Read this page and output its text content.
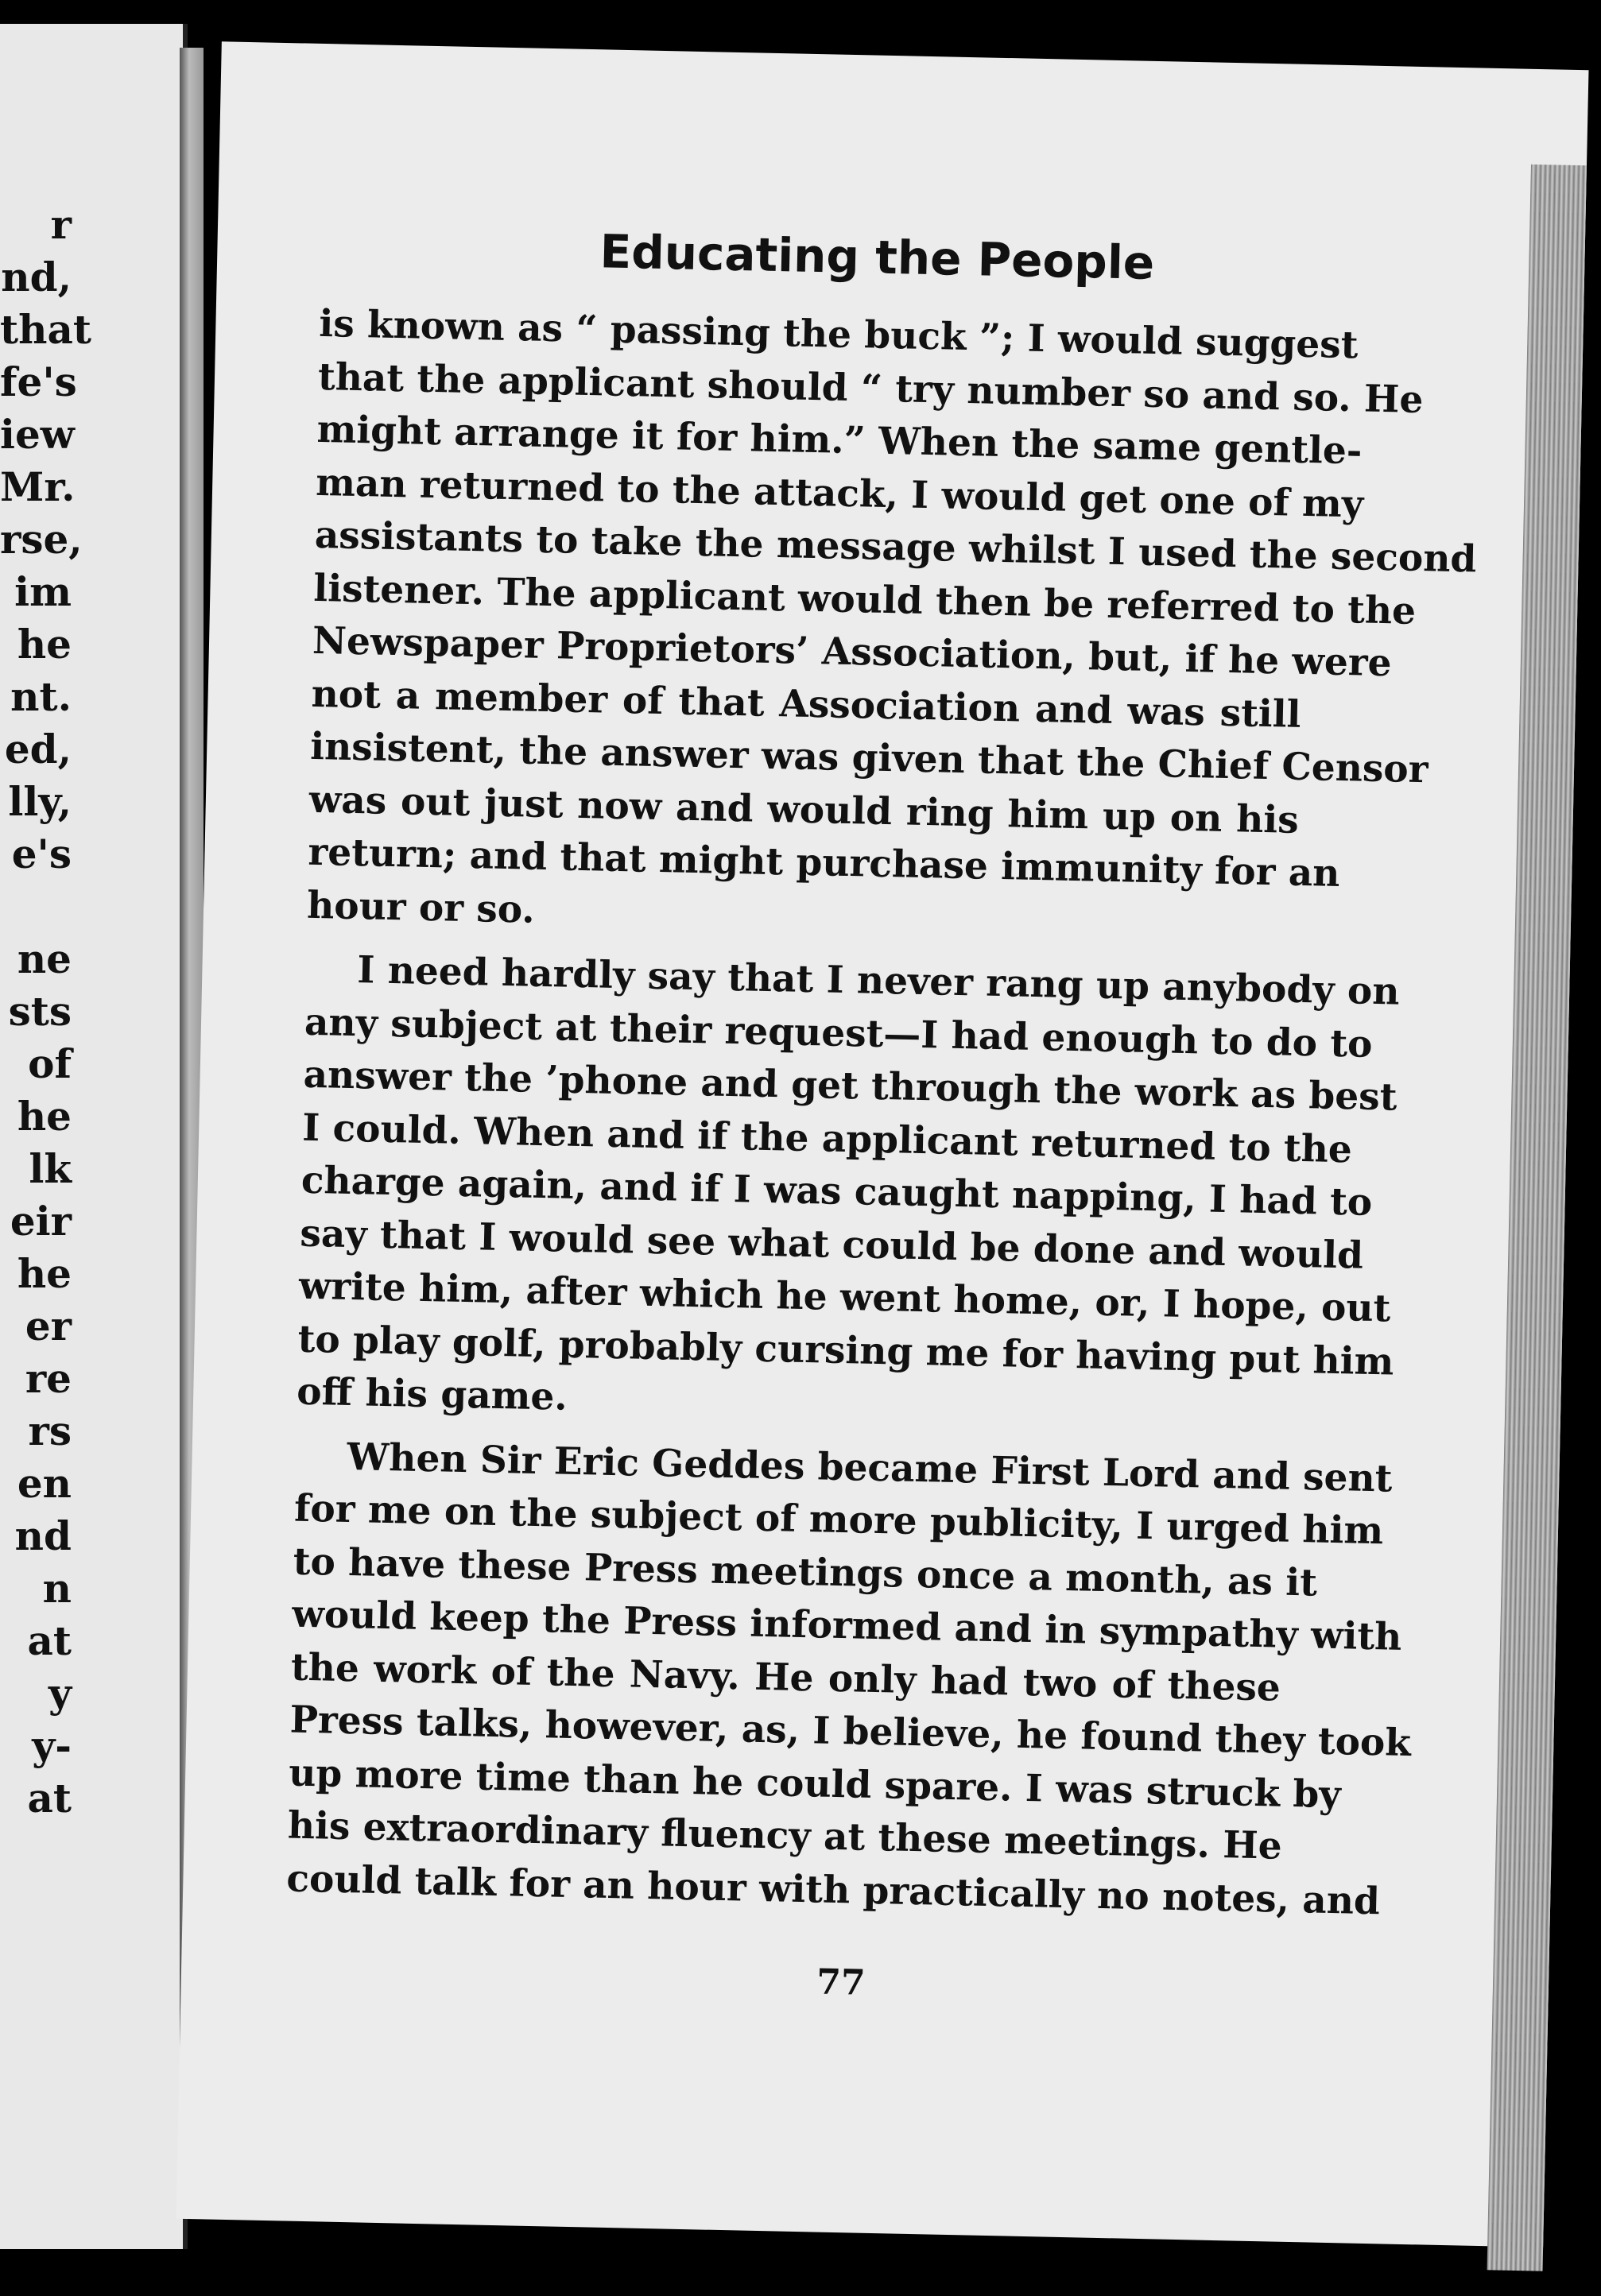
r
nd,
that
fe's
iew
Mr.
rse,
im
he
nt.
ed,
lly,
e's
ne
sts
of
he
lk
eir
he
er
re
rs
en
nd
n
at
y
y-
at
Educating the People
is known as “ passing the buck ”; I would suggest
that the applicant should “ try number so and so. He
might arrange it for him.” When the same gentle-
man returned to the attack, I would get one of my
assistants to take the message whilst I used the second
listener. The applicant would then be referred to the
Newspaper Proprietors’ Association, but, if he were
not a member of that Association and was still
insistent, the answer was given that the Chief Censor
was out just now and would ring him up on his
return; and that might purchase immunity for an
hour or so.
I need hardly say that I never rang up anybody on
any subject at their request—I had enough to do to
answer the ’phone and get through the work as best
I could. When and if the applicant returned to the
charge again, and if I was caught napping, I had to
say that I would see what could be done and would
write him, after which he went home, or, I hope, out
to play golf, probably cursing me for having put him
off his game.
When Sir Eric Geddes became First Lord and sent
for me on the subject of more publicity, I urged him
to have these Press meetings once a month, as it
would keep the Press informed and in sympathy with
the work of the Navy. He only had two of these
Press talks, however, as, I believe, he found they took
up more time than he could spare. I was struck by
his extraordinary fluency at these meetings. He
could talk for an hour with practically no notes, and
77
